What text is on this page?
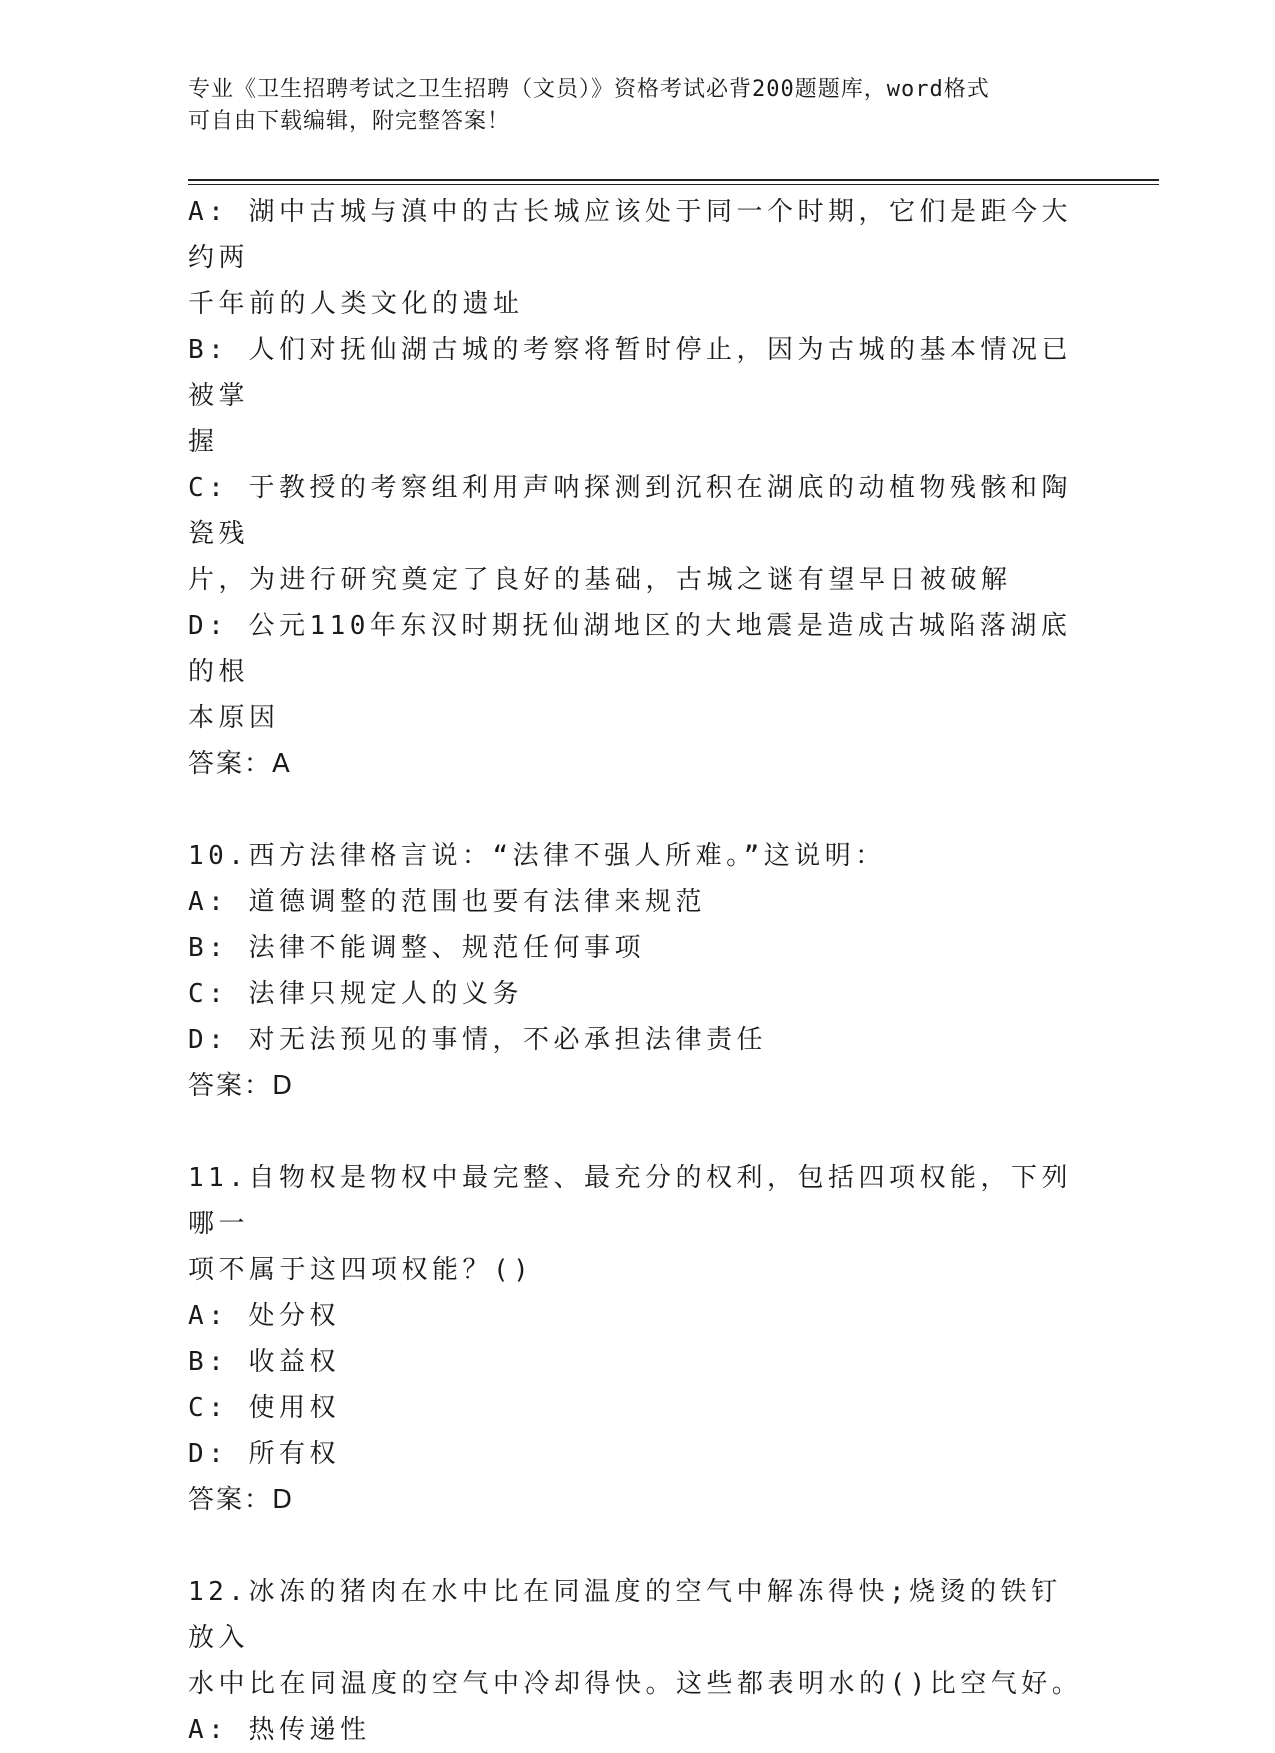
专业《卫生招聘考试之卫生招聘（文员）》资格考试必背200题题库，word格式

可自由下载编辑，附完整答案！

A: 湖中古城与滇中的古长城应该处于同一个时期，它们是距今大约两

千年前的人类文化的遗址

B: 人们对抚仙湖古城的考察将暂时停止，因为古城的基本情况已被掌

握

C: 于教授的考察组利用声呐探测到沉积在湖底的动植物残骸和陶瓷残

片，为进行研究奠定了良好的基础，古城之谜有望早日被破解

D: 公元110年东汉时期抚仙湖地区的大地震是造成古城陷落湖底的根

本原因

答案：A

10.西方法律格言说：“法律不强人所难。”这说明：

A: 道德调整的范围也要有法律来规范

B: 法律不能调整、规范任何事项

C: 法律只规定人的义务

D: 对无法预见的事情，不必承担法律责任

答案：D

11.自物权是物权中最完整、最充分的权利，包括四项权能，下列哪一

项不属于这四项权能？()

A: 处分权

B: 收益权

C: 使用权

D: 所有权

答案：D

12.冰冻的猪肉在水中比在同温度的空气中解冻得快;烧烫的铁钉放入

水中比在同温度的空气中冷却得快。这些都表明水的()比空气好。

A: 热传递性
